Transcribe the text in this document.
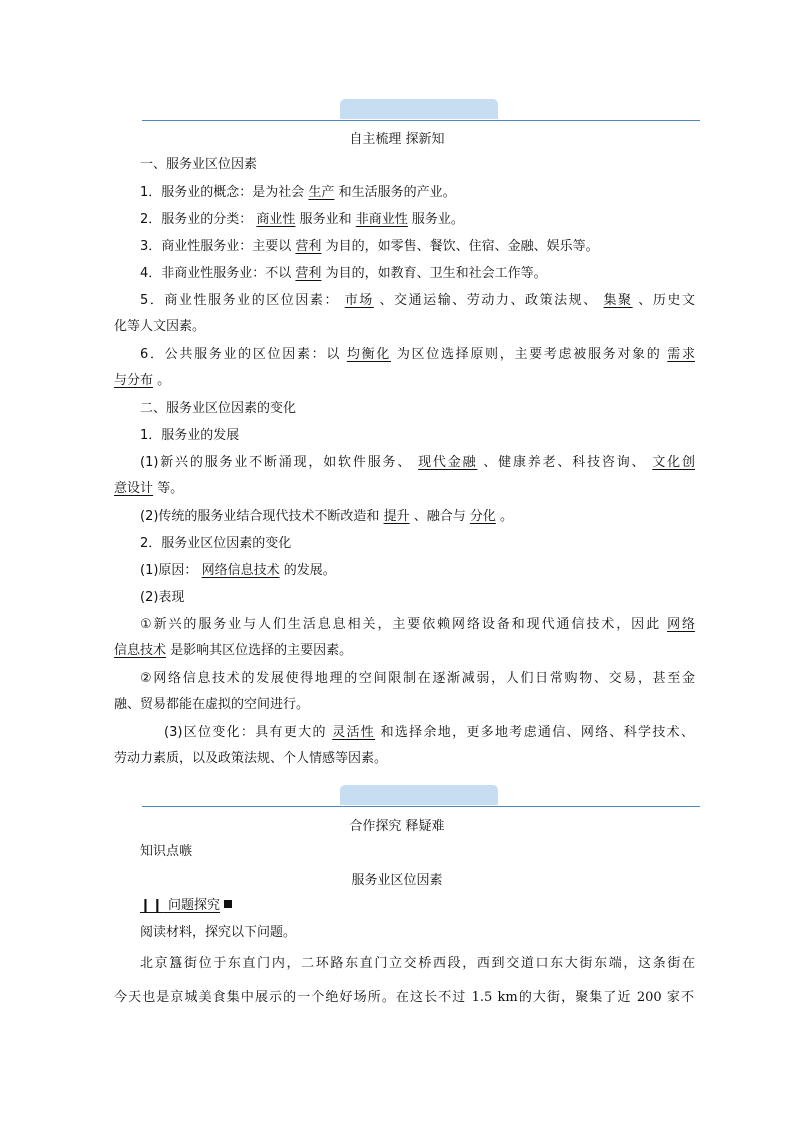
自主梳理 探新知
一、服务业区位因素
1．服务业的概念：是为社会 生产 和生活服务的产业。
2．服务业的分类： 商业性 服务业和 非商业性 服务业。
3．商业性服务业：主要以 营利 为目的，如零售、餐饮、住宿、金融、娱乐等。
4．非商业性服务业：不以 营利 为目的，如教育、卫生和社会工作等。
5．商业性服务业的区位因素： 市场 、交通运输、劳动力、政策法规、 集聚 、历史文
化等人文因素。
6．公共服务业的区位因素：以 均衡化 为区位选择原则，主要考虑被服务对象的 需求
与分布 。
二、服务业区位因素的变化
1．服务业的发展
(1)新兴的服务业不断涌现，如软件服务、 现代金融 、健康养老、科技咨询、 文化创
意设计 等。
(2)传统的服务业结合现代技术不断改造和 提升 、融合与 分化 。
2．服务业区位因素的变化
(1)原因： 网络信息技术 的发展。
(2)表现
①新兴的服务业与人们生活息息相关，主要依赖网络设备和现代通信技术，因此 网络
信息技术 是影响其区位选择的主要因素。
②网络信息技术的发展使得地理的空间限制在逐渐减弱，人们日常购物、交易，甚至金
融、贸易都能在虚拟的空间进行。
(3)区位变化：具有更大的 灵活性 和选择余地，更多地考虑通信、网络、科学技术、
劳动力素质，以及政策法规、个人情感等因素。
合作探究 释疑难
知识点嗾
服务业区位因素
❙❙ 问题探究
阅读材料，探究以下问题。
北京簋街位于东直门内，二环路东直门立交桥西段，西到交道口东大街东端，这条街在
今天也是京城美食集中展示的一个绝好场所。在这长不过 1.5 km的大街，聚集了近 200 家不
